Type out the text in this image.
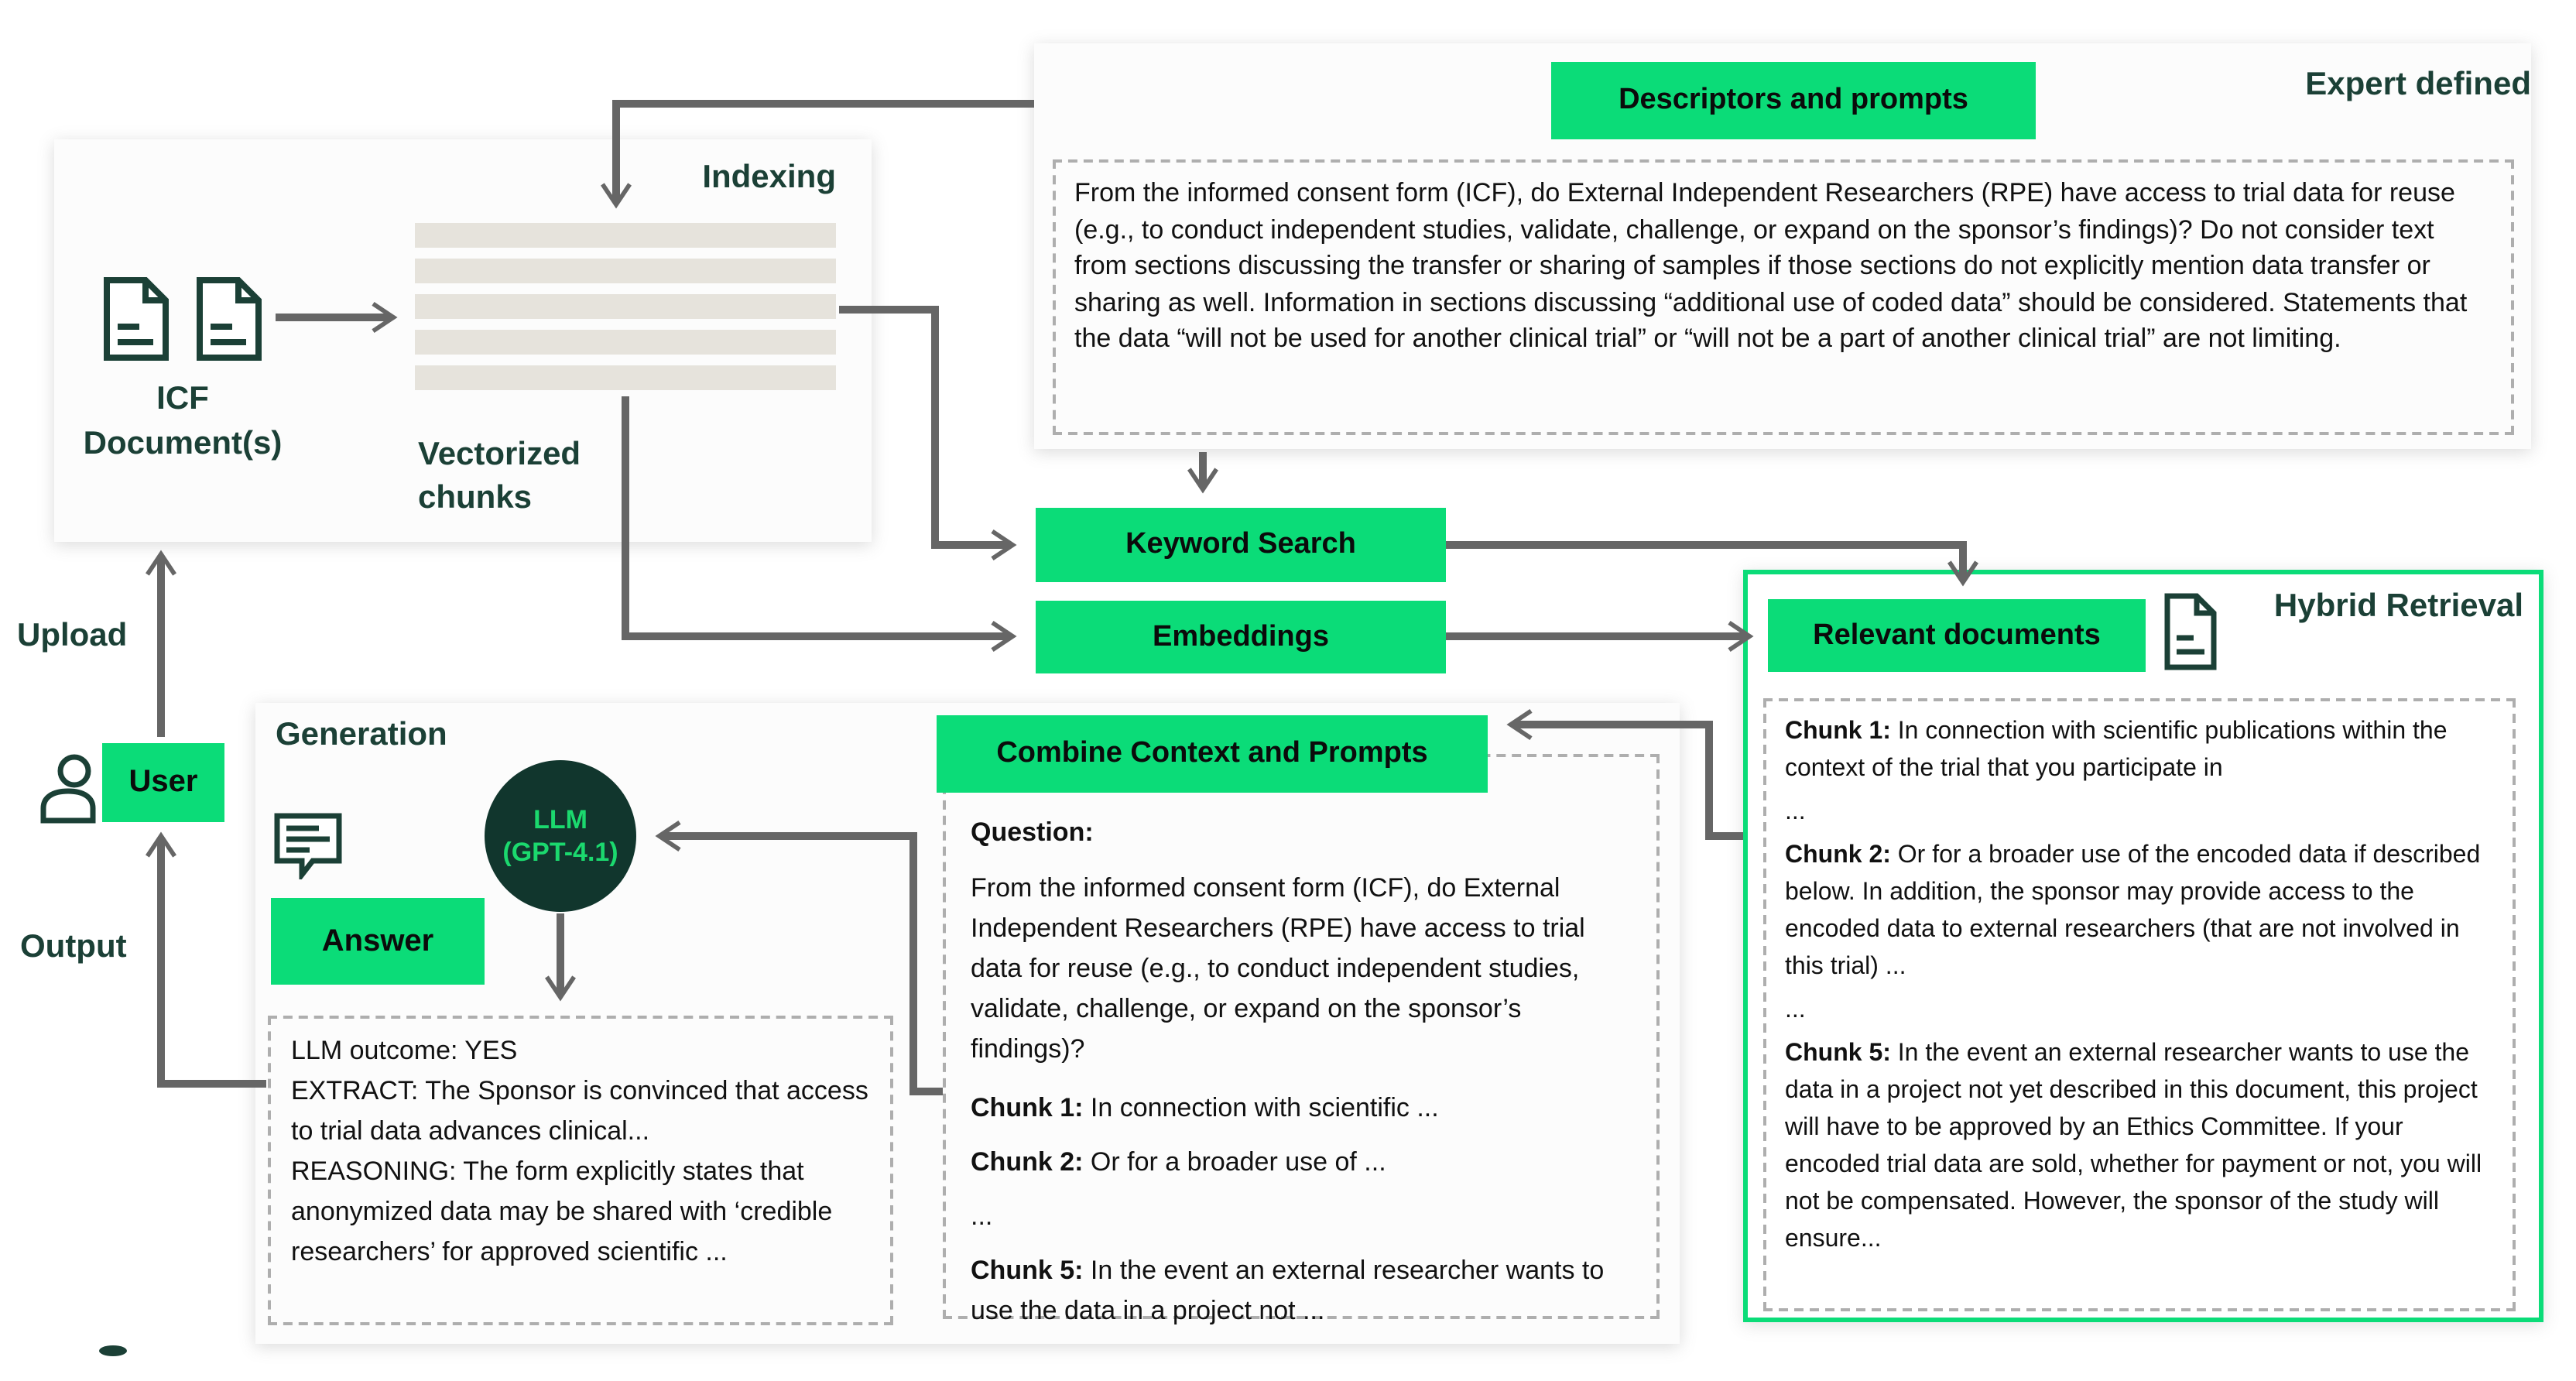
ICF
Document(s)
Indexing
Vectorized
chunks
Descriptors and prompts	Expert defined
From the informed consent form (ICF), do External Independent Researchers (RPE) have access to trial data for reuse (e.g., to conduct independent studies, validate, challenge, or expand on the sponsor’s findings)? Do not consider text from sections discussing the transfer or sharing of samples if those sections do not explicitly mention data transfer or sharing as well. Information in sections discussing “additional use of coded data” should be considered. Statements that the data “will not be used for another clinical trial” or “will not be a part of another clinical trial” are not limiting.
Keyword Search
Embeddings	Relevant documents
Hybrid Retrieval

Chunk 1: In connection with scientific publications within the context of the trial that you participate in

...

Chunk 2: Or for a broader use of the encoded data if described below. In addition, the sponsor may provide access to the encoded data to external researchers (that are not involved in this trial) ...

...

Chunk 5: In the event an external researcher wants to use the data in a project not yet described in this document, this project will have to be approved by an Ethics Committee. If your encoded trial data are sold, whether for payment or not, you will not be compensated. However, the sponsor of the study will ensure...

Generation
LLM
(GPT-4.1)
Answer

LLM outcome: YES

EXTRACT: The Sponsor is convinced that access to trial data advances clinical...

REASONING: The form explicitly states that anonymized data may be shared with ‘credible researchers’ for approved scientific ...

Combine Context and Prompts
Question:
From the informed consent form (ICF), do External Independent Researchers (RPE) have access to trial data for reuse (e.g., to conduct independent studies, validate, challenge, or expand on the sponsor’s findings)?

Chunk 1: In connection with scientific ...

Chunk 2: Or for a broader use of ...

...

Chunk 5: In the event an external researcher wants to use the data in a project not ...

User
Upload
Output
